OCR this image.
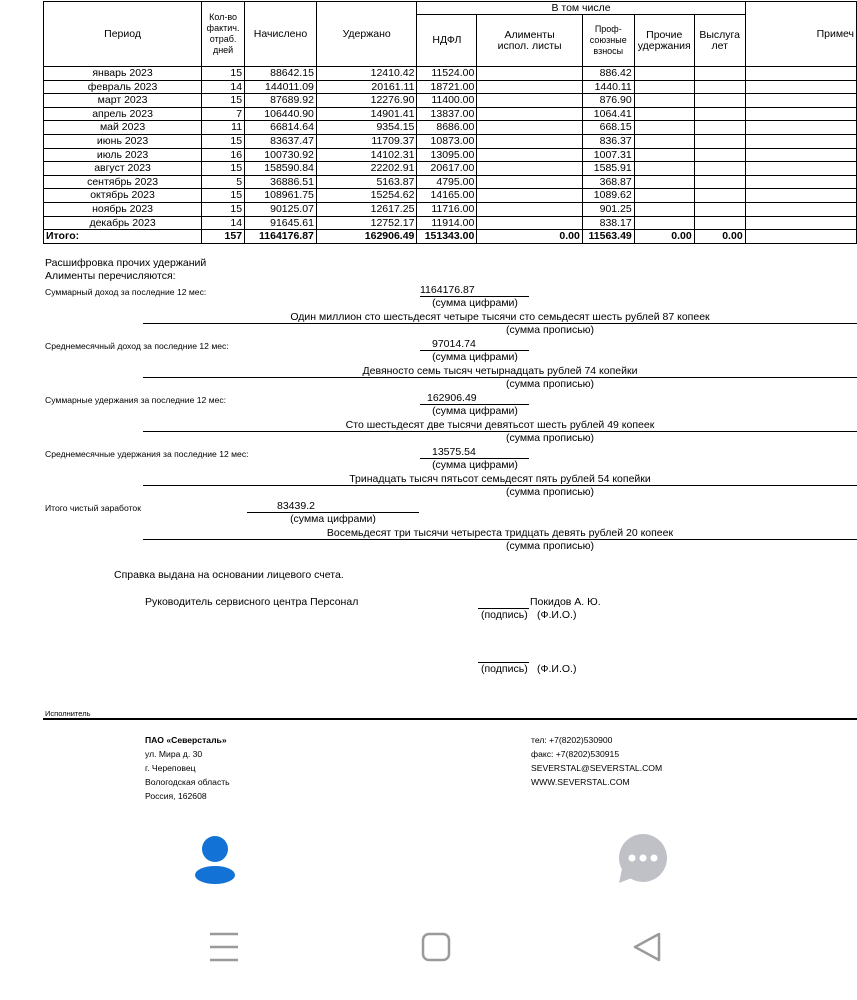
Период	Кол-во
фактич.
отраб.
дней	Начислено	Удержано	В том числе					Примеч
				НДФЛ	Алименты
испол. листы	Проф-
союзные
взносы	Прочие
удержания	Выслуга
лет	
январь 2023	15	88642.15	12410.42	11524.00		886.42			
февраль 2023	14	144011.09	20161.11	18721.00		1440.11			
март 2023	15	87689.92	12276.90	11400.00		876.90			
апрель 2023	7	106440.90	14901.41	13837.00		1064.41			
май 2023	11	66814.64	9354.15	8686.00		668.15			
июнь 2023	15	83637.47	11709.37	10873.00		836.37			
июль 2023	16	100730.92	14102.31	13095.00		1007.31			
август 2023	15	158590.84	22202.91	20617.00		1585.91			
сентябрь 2023	5	36886.51	5163.87	4795.00		368.87			
октябрь 2023	15	108961.75	15254.62	14165.00		1089.62			
ноябрь 2023	15	90125.07	12617.25	11716.00		901.25			
декабрь 2023	14	91645.61	12752.17	11914.00		838.17			
Итого:	157	1164176.87	162906.49	151343.00	0.00	11563.49	0.00	0.00	
Расшифровка прочих удержаний
Алименты перечисляются:
Суммарный доход за последние 12 мес:	1164176.87
(сумма цифрами)
Один миллион сто шестьдесят четыре тысячи сто семьдесят шесть рублей 87 копеек
(сумма прописью)
Среднемесячный доход за последние 12 мес:	97014.74
(сумма цифрами)
Девяносто семь тысяч четырнадцать рублей 74 копейки
(сумма прописью)
Суммарные удержания за последние 12 мес:	162906.49
(сумма цифрами)
Сто шестьдесят две тысячи девятьсот шесть рублей 49 копеек
(сумма прописью)
Среднемесячные удержания за последние 12 мес:	13575.54
(сумма цифрами)
Тринадцать тысяч пятьсот семьдесят пять рублей 54 копейки
(сумма прописью)
Итого чистый заработок	83439.2
(сумма цифрами)
Восемьдесят три тысячи четыреста тридцать девять рублей 20 копеек
(сумма прописью)
Справка выдана на основании лицевого счета.
Руководитель сервисного центра Персонал	Покидов А. Ю.
(подпись) (Ф.И.О.)
(подпись) (Ф.И.О.)
Исполнитель
ПАО «Северсталь»
ул. Мира д. 30
г. Череповец
Вологодская область
Россия, 162608
тел: +7(8202)530900
факс: +7(8202)530915
SEVERSTAL@SEVERSTAL.COM
WWW.SEVERSTAL.COM
